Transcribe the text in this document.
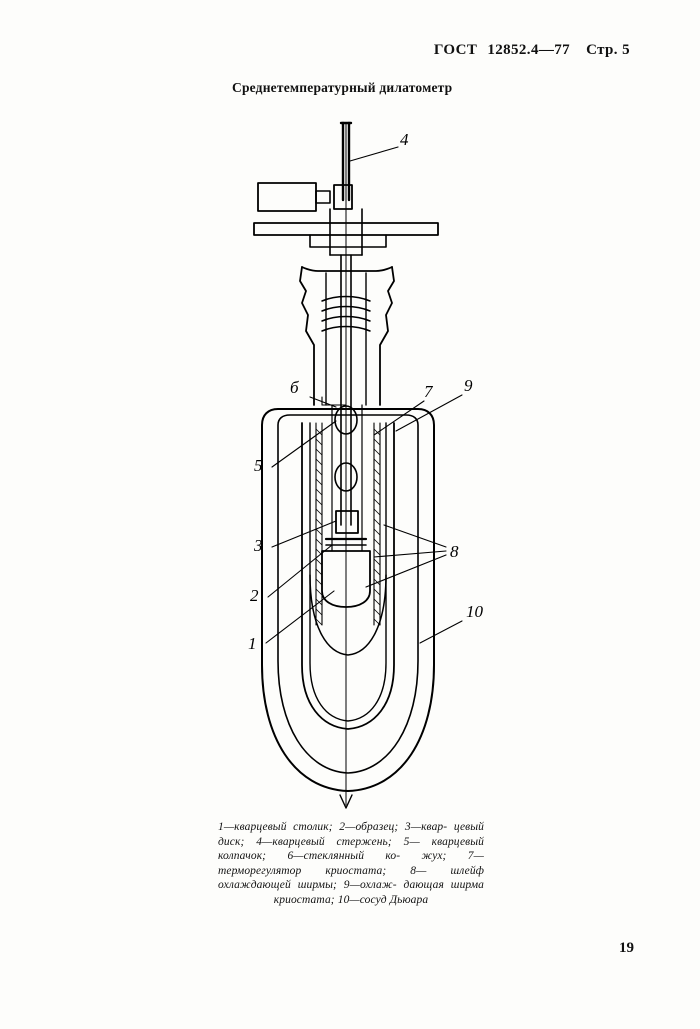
ГОСТ 12852.4—77 Стр. 5
Среднетемпературный дилатометр
4
б	7 9
5
3
2
1
8
10
1—кварцевый столик; 2—образец; 3—квар- цевый диск; 4—кварцевый стержень; 5— кварцевый колпачок; 6—стеклянный ко- жух; 7—терморегулятор криостата; 8— шлейф охлаждающей ширмы; 9—охлаж- дающая ширма криостата; 10—сосуд Дьюара
19
